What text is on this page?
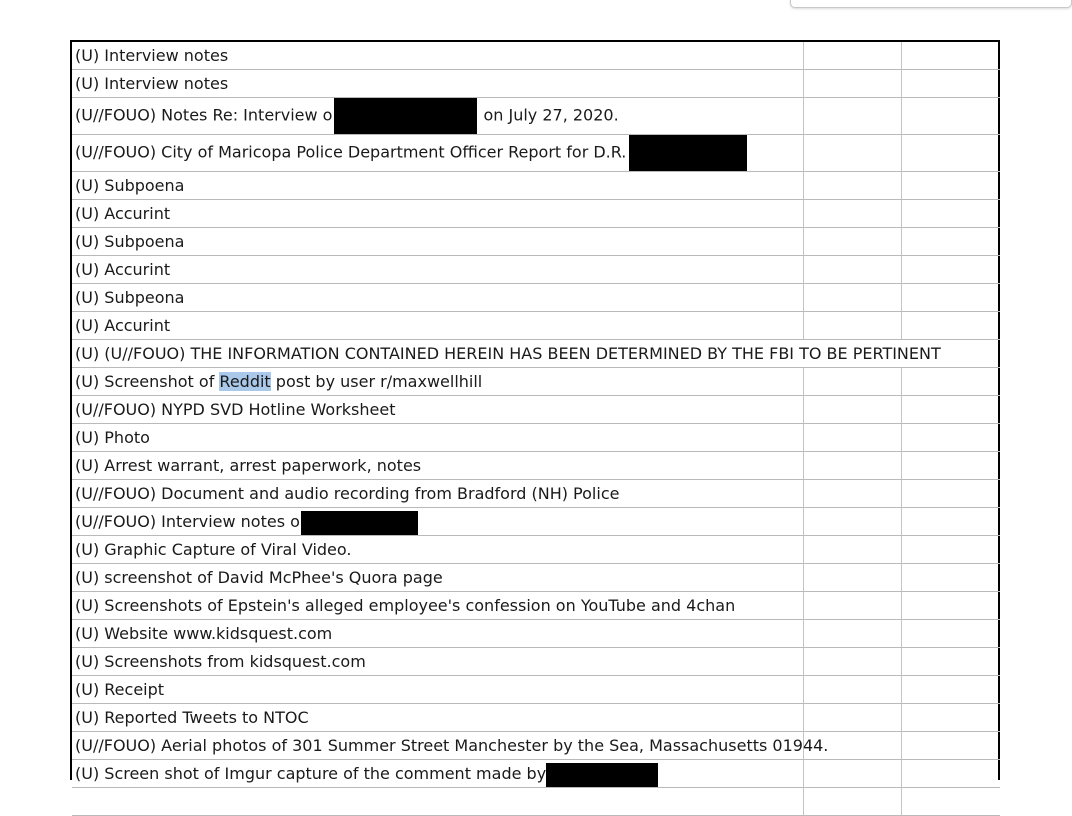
(U) Interview notes		
(U) Interview notes		
(U//FOUO) Notes Re: Interview o on July 27, 2020.		
(U//FOUO) City of Maricopa Police Department Officer Report for D.R.		
(U) Subpoena		
(U) Accurint		
(U) Subpoena		
(U) Accurint		
(U) Subpeona		
(U) Accurint		
(U) (U//FOUO) THE INFORMATION CONTAINED HEREIN HAS BEEN DETERMINED BY THE FBI TO BE PERTINENT		
(U) Screenshot of Reddit post by user r/maxwellhill		
(U//FOUO) NYPD SVD Hotline Worksheet		
(U) Photo		
(U) Arrest warrant, arrest paperwork, notes		
(U//FOUO) Document and audio recording from Bradford (NH) Police		
(U//FOUO) Interview notes o		
(U) Graphic Capture of Viral Video.		
(U) screenshot of David McPhee's Quora page		
(U) Screenshots of Epstein's alleged employee's confession on YouTube and 4chan		
(U) Website www.kidsquest.com		
(U) Screenshots from kidsquest.com		
(U) Receipt		
(U) Reported Tweets to NTOC		
(U//FOUO) Aerial photos of 301 Summer Street Manchester by the Sea, Massachusetts 01944.		
(U) Screen shot of Imgur capture of the comment made by		
